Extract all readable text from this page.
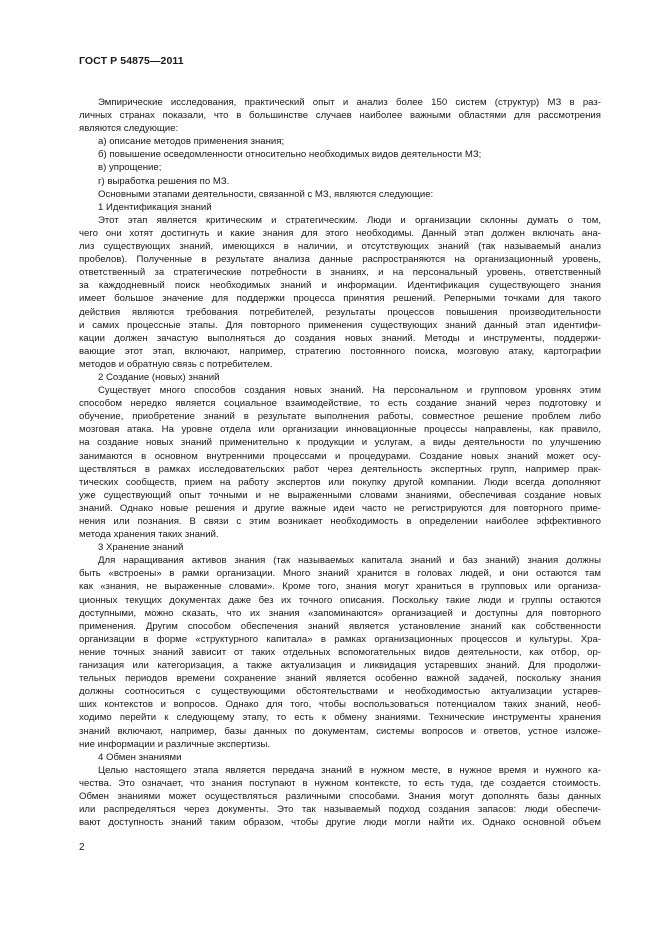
ГОСТ Р 54875—2011
Эмпирические исследования, практический опыт и анализ более 150 систем (структур) МЗ в раз-
личных странах показали, что в большинстве случаев наиболее важными областями для рассмотрения
являются следующие:
а) описание методов применения знания;
б) повышение осведомленности относительно необходимых видов деятельности МЗ;
в) упрощение;
г) выработка решения по МЗ.
Основными этапами деятельности, связанной с МЗ, являются следующие:
1 Идентификация знаний
Этот этап является критическим и стратегическим. Люди и организации склонны думать о том,
чего они хотят достигнуть и какие знания для этого необходимы. Данный этап должен включать ана-
лиз существующих знаний, имеющихся в наличии, и отсутствующих знаний (так называемый анализ
пробелов). Полученные в результате анализа данные распространяются на организационный уровень,
ответственный за стратегические потребности в знаниях, и на персональный уровень, ответственный
за каждодневный поиск необходимых знаний и информации. Идентификация существующего знания
имеет большое значение для поддержки процесса принятия решений. Реперными точками для такого
действия являются требования потребителей, результаты процессов повышения производительности
и самих процессные этапы. Для повторного применения существующих знаний данный этап идентифи-
кации должен зачастую выполняться до создания новых знаний. Методы и инструменты, поддержи-
вающие этот этап, включают, например, стратегию постоянного поиска, мозговую атаку, картографии
методов и обратную связь с потребителем.
2 Создание (новых) знаний
Существует много способов создания новых знаний. На персональном и групповом уровнях этим
способом нередко является социальное взаимодействие, то есть создание знаний через подготовку и
обучение, приобретение знаний в результате выполнения работы, совместное решение проблем либо
мозговая атака. На уровне отдела или организации инновационные процессы направлены, как правило,
на создание новых знаний применительно к продукции и услугам, а виды деятельности по улучшению
занимаются в основном внутренними процессами и процедурами. Создание новых знаний может осу-
ществляться в рамках исследовательских работ через деятельность экспертных групп, например прак-
тических сообществ, прием на работу экспертов или покупку другой компании. Люди всегда дополняют
уже существующий опыт точными и не выраженными словами знаниями, обеспечивая создание новых
знаний. Однако новые решения и другие важные идеи часто не регистрируются для повторного приме-
нения или познания. В связи с этим возникает необходимость в определении наиболее эффективного
метода хранения таких знаний.
3 Хранение знаний
Для наращивания активов знания (так называемых капитала знаний и баз знаний) знания должны
быть «встроены» в рамки организации. Много знаний хранится в головах людей, и они остаются там
как «знания, не выраженные словами». Кроме того, знания могут храниться в групповых или организа-
ционных текущих документах даже без их точного описания. Поскольку такие люди и группы остаются
доступными, можно сказать, что их знания «запоминаются» организацией и доступны для повторного
применения. Другим способом обеспечения знаний является установление знаний как собственности
организации в форме «структурного капитала» в рамках организационных процессов и культуры. Хра-
нение точных знаний зависит от таких отдельных вспомогательных видов деятельности, как отбор, ор-
ганизация или категоризация, а также актуализация и ликвидация устаревших знаний. Для продолжи-
тельных периодов времени сохранение знаний является особенно важной задачей, поскольку знания
должны соотноситься с существующими обстоятельствами и необходимостью актуализации устарев-
ших контекстов и вопросов. Однако для того, чтобы воспользоваться потенциалом таких знаний, необ-
ходимо перейти к следующему этапу, то есть к обмену знаниями. Технические инструменты хранения
знаний включают, например, базы данных по документам, системы вопросов и ответов, устное изложе-
ние информации и различные экспертизы.
4 Обмен знаниями
Целью настоящего этапа является передача знаний в нужном месте, в нужное время и нужного ка-
чества. Это означает, что знания поступают в нужном контексте, то есть туда, где создается стоимость.
Обмен знаниями может осуществляться различными способами. Знания могут дополнять базы данных
или распределяться через документы. Это так называемый подход создания запасов: люди обеспечи-
вают доступность знаний таким образом, чтобы другие люди могли найти их. Однако основной объем
2
